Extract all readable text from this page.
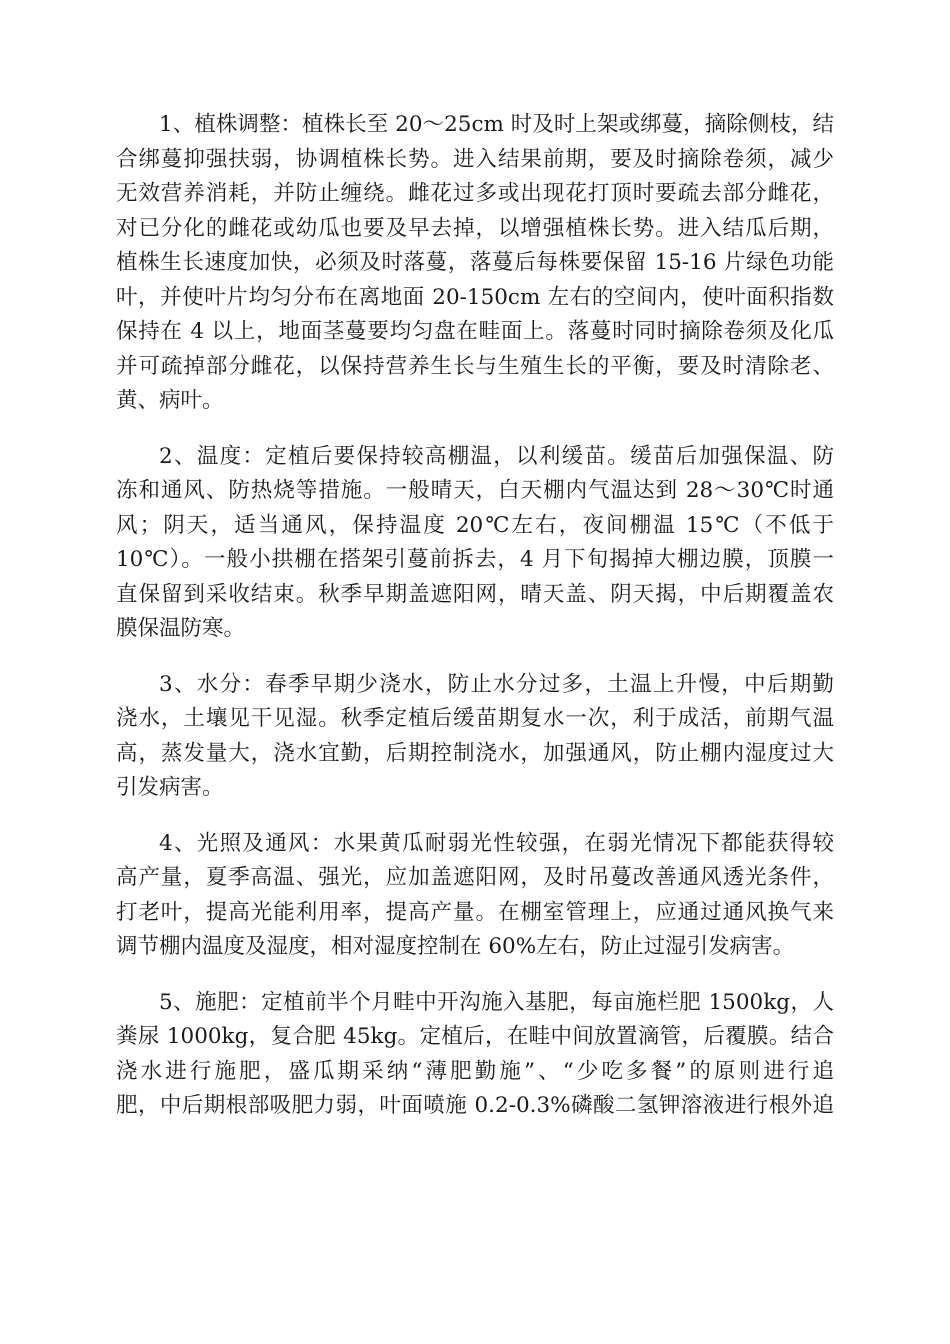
1、植株调整：植株长至 20～25cm 时及时上架或绑蔓，摘除侧枝，结
合绑蔓抑强扶弱，协调植株长势。进入结果前期，要及时摘除卷须，减少
无效营养消耗，并防止缠绕。雌花过多或出现花打顶时要疏去部分雌花，
对已分化的雌花或幼瓜也要及早去掉，以增强植株长势。进入结瓜后期，
植株生长速度加快，必须及时落蔓，落蔓后每株要保留 15-16 片绿色功能
叶，并使叶片均匀分布在离地面 20-150cm 左右的空间内，使叶面积指数
保持在 4 以上，地面茎蔓要均匀盘在畦面上。落蔓时同时摘除卷须及化瓜
并可疏掉部分雌花，以保持营养生长与生殖生长的平衡，要及时清除老、
黄、病叶。

2、温度：定植后要保持较高棚温，以利缓苗。缓苗后加强保温、防
冻和通风、防热烧等措施。一般晴天，白天棚内气温达到 28～30℃时通
风；阴天，适当通风，保持温度 20℃左右，夜间棚温 15℃（不低于
10℃）。一般小拱棚在搭架引蔓前拆去，4 月下旬揭掉大棚边膜，顶膜一
直保留到采收结束。秋季早期盖遮阳网，晴天盖、阴天揭，中后期覆盖农
膜保温防寒。

3、水分：春季早期少浇水，防止水分过多，土温上升慢，中后期勤
浇水，土壤见干见湿。秋季定植后缓苗期复水一次，利于成活，前期气温
高，蒸发量大，浇水宜勤，后期控制浇水，加强通风，防止棚内湿度过大
引发病害。

4、光照及通风：水果黄瓜耐弱光性较强，在弱光情况下都能获得较
高产量，夏季高温、强光，应加盖遮阳网，及时吊蔓改善通风透光条件，
打老叶，提高光能利用率，提高产量。在棚室管理上，应通过通风换气来
调节棚内温度及湿度，相对湿度控制在 60%左右，防止过湿引发病害。

5、施肥：定植前半个月畦中开沟施入基肥，每亩施栏肥 1500kg，人
粪尿 1000kg，复合肥 45kg。定植后，在畦中间放置滴管，后覆膜。结合
浇水进行施肥，盛瓜期采纳“薄肥勤施”、“少吃多餐”的原则进行追
肥，中后期根部吸肥力弱，叶面喷施 0.2-0.3%磷酸二氢钾溶液进行根外追
